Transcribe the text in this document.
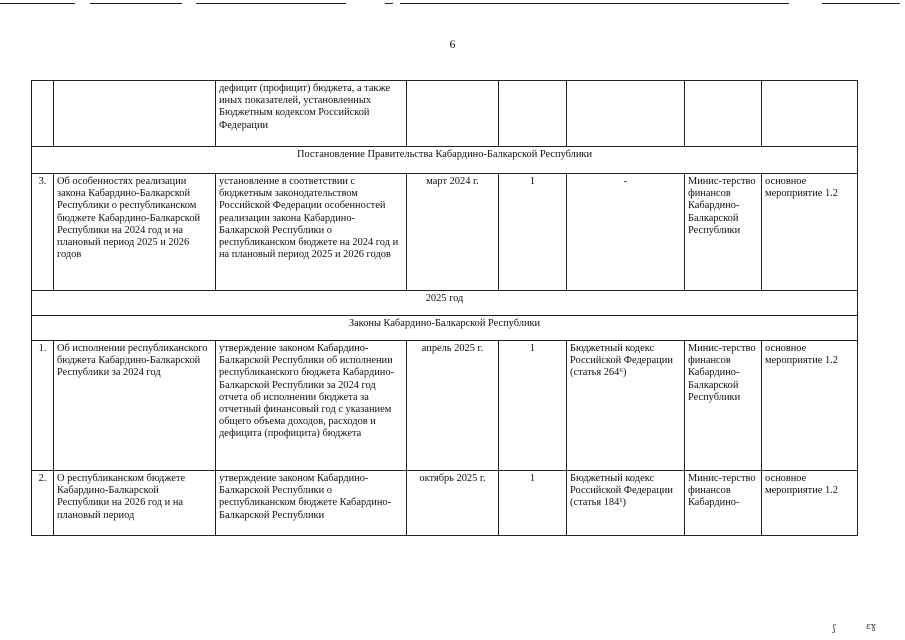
6
		дефицит (профицит) бюджета, а также иных показателей, установленных Бюджетным кодексом Российской Федерации					
Постановление Правительства Кабардино-Балкарской Республики							
3.	Об особенностях реализации закона Кабардино-Балкарской Республики о республиканском бюджете Кабардино-Балкарской Республики на 2024 год и на плановый период 2025 и 2026 годов	установление в соответствии с бюджетным законодательством Российской Федерации особенностей реализации закона Кабардино-Балкарской Республики о республиканском бюджете на 2024 год и на плановый период 2025 и 2026 годов	март 2024 г.	1	-	Минис-терство финансов Кабардино-Балкарской Республики	основное мероприятие 1.2
2025 год							
Законы Кабардино-Балкарской Республики							
1.	Об исполнении республиканского бюджета Кабардино-Балкарской Республики за 2024 год	утверждение законом Кабардино-Балкарской Республики об исполнении республиканского бюджета Кабардино-Балкарской Республики за 2024 год отчета об исполнении бюджета за отчетный финансовый год с указанием общего объема доходов, расходов и дефицита (профицита) бюджета	апрель 2025 г.	1	Бюджетный кодекс Российской Федерации (статья 264⁶)	Минис-терство финансов Кабардино-Балкарской Республики	основное мероприятие 1.2
2.	О республиканском бюджете Кабардино-Балкарской Республики на 2026 год и на плановый период	утверждение законом Кабардино-Балкарской Республики о республиканском бюджете Кабардино-Балкарской Республики	октябрь 2025 г.	1	Бюджетный кодекс Российской Федерации (статья 184¹)	Минис-терство финансов Кабардино-	основное мероприятие 1.2
ʃ	ɛɣ
